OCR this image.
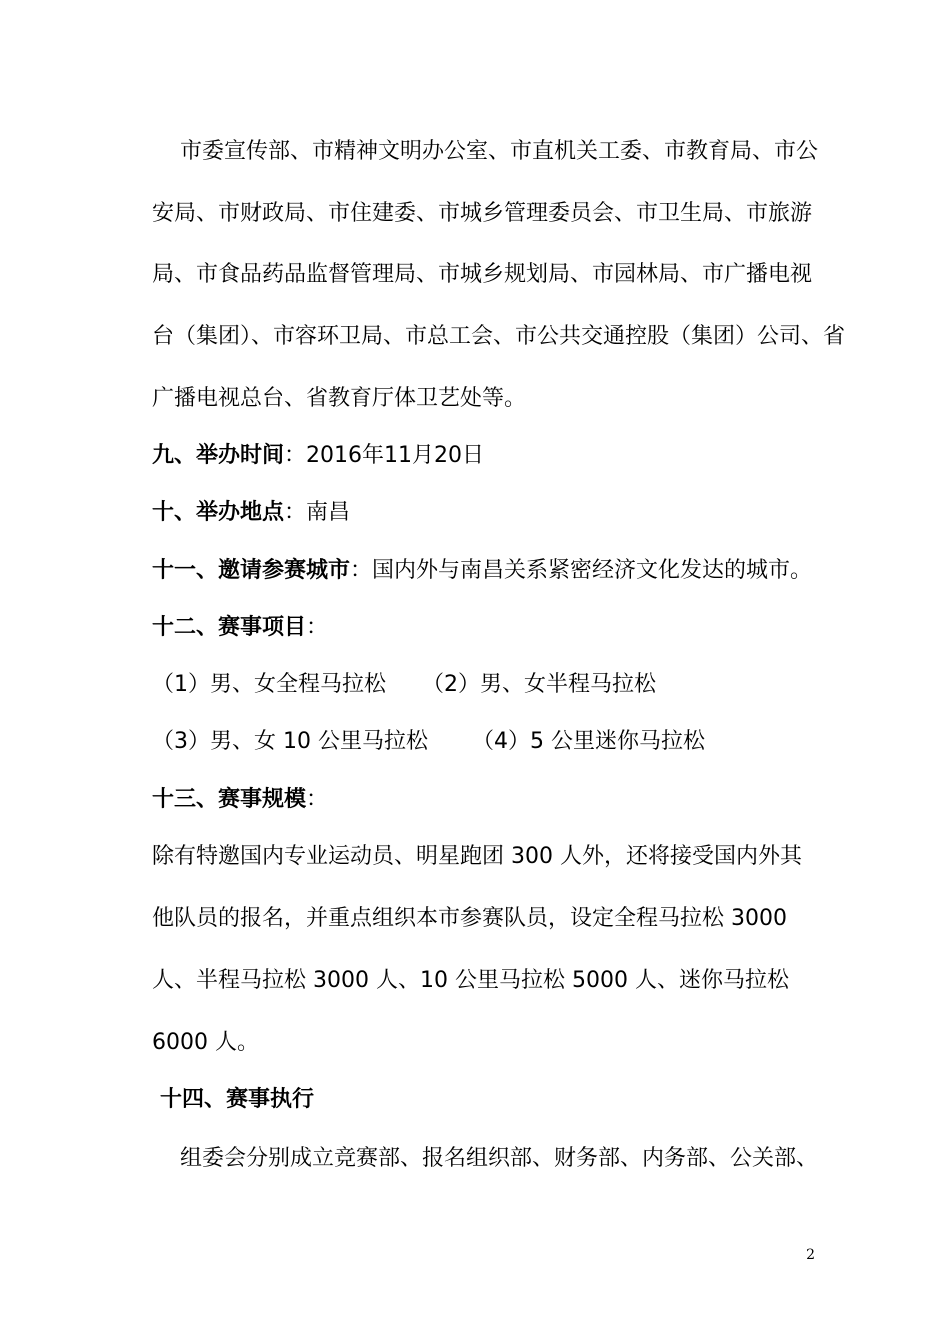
市委宣传部、市精神文明办公室、市直机关工委、市教育局、市公
安局、市财政局、市住建委、市城乡管理委员会、市卫生局、市旅游
局、市食品药品监督管理局、市城乡规划局、市园林局、市广播电视
台（集团）、市容环卫局、市总工会、市公共交通控股（集团）公司、省
广播电视总台、省教育厅体卫艺处等。
九、举办时间：2016年11月20日
十、举办地点：南昌
十一、邀请参赛城市：国内外与南昌关系紧密经济文化发达的城市。
十二、赛事项目：
（1）男、女全程马拉松 （2）男、女半程马拉松
（3）男、女 10 公里马拉松 （4）5 公里迷你马拉松
十三、赛事规模：
除有特邀国内专业运动员、明星跑团 300 人外，还将接受国内外其
他队员的报名，并重点组织本市参赛队员，设定全程马拉松 3000
人、半程马拉松 3000 人、10 公里马拉松 5000 人、迷你马拉松
6000 人。
十四、赛事执行
组委会分别成立竞赛部、报名组织部、财务部、内务部、公关部、
2
